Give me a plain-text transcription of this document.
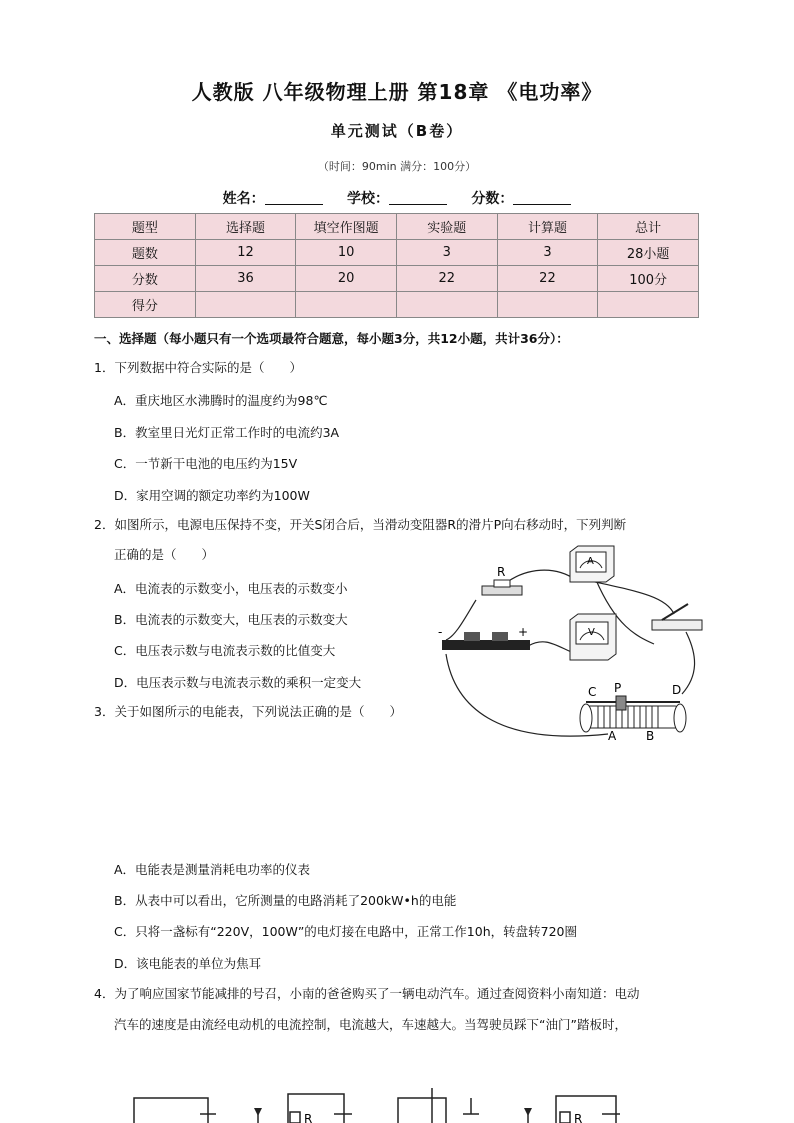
人教版 八年级物理上册 第18章 《电功率》
单元测试（B卷）
（时间：90min 满分：100分）
姓名：	学校：	分数：
题型	选择题	填空作图题	实验题	计算题	总计
题数	12	10	3	3	28小题
分数	36	20	22	22	100分
得分					
一、选择题（每小题只有一个选项最符合题意，每小题3分，共12小题，共计36分）：
1．下列数据中符合实际的是（　　）
A．重庆地区水沸腾时的温度约为98℃
B．教室里日光灯正常工作时的电流约3A
C．一节新干电池的电压约为15V
D．家用空调的额定功率约为100W
2．如图所示，电源电压保持不变，开关S闭合后，当滑动变阻器R的滑片P向右移动时，下列判断
正确的是（　　）
A．电流表的示数变小，电压表的示数变小
B．电流表的示数变大，电压表的示数变大
C．电压表示数与电流表示数的比值变大
D．电压表示数与电流表示数的乘积一定变大
R
A
V
-	+
P
C	D
A B
3．关于如图所示的电能表，下列说法正确的是（　　）
A．电能表是测量消耗电功率的仪表
B．从表中可以看出，它所测量的电路消耗了200kW•h的电能
C．只将一盏标有“220V，100W”的电灯接在电路中，正常工作10h，转盘转720圈
D．该电能表的单位为焦耳
4．为了响应国家节能减排的号召，小南的爸爸购买了一辆电动汽车。通过查阅资料小南知道：电动
汽车的速度是由流经电动机的电流控制，电流越大，车速越大。当驾驶员踩下“油门”踏板时，
R	R
